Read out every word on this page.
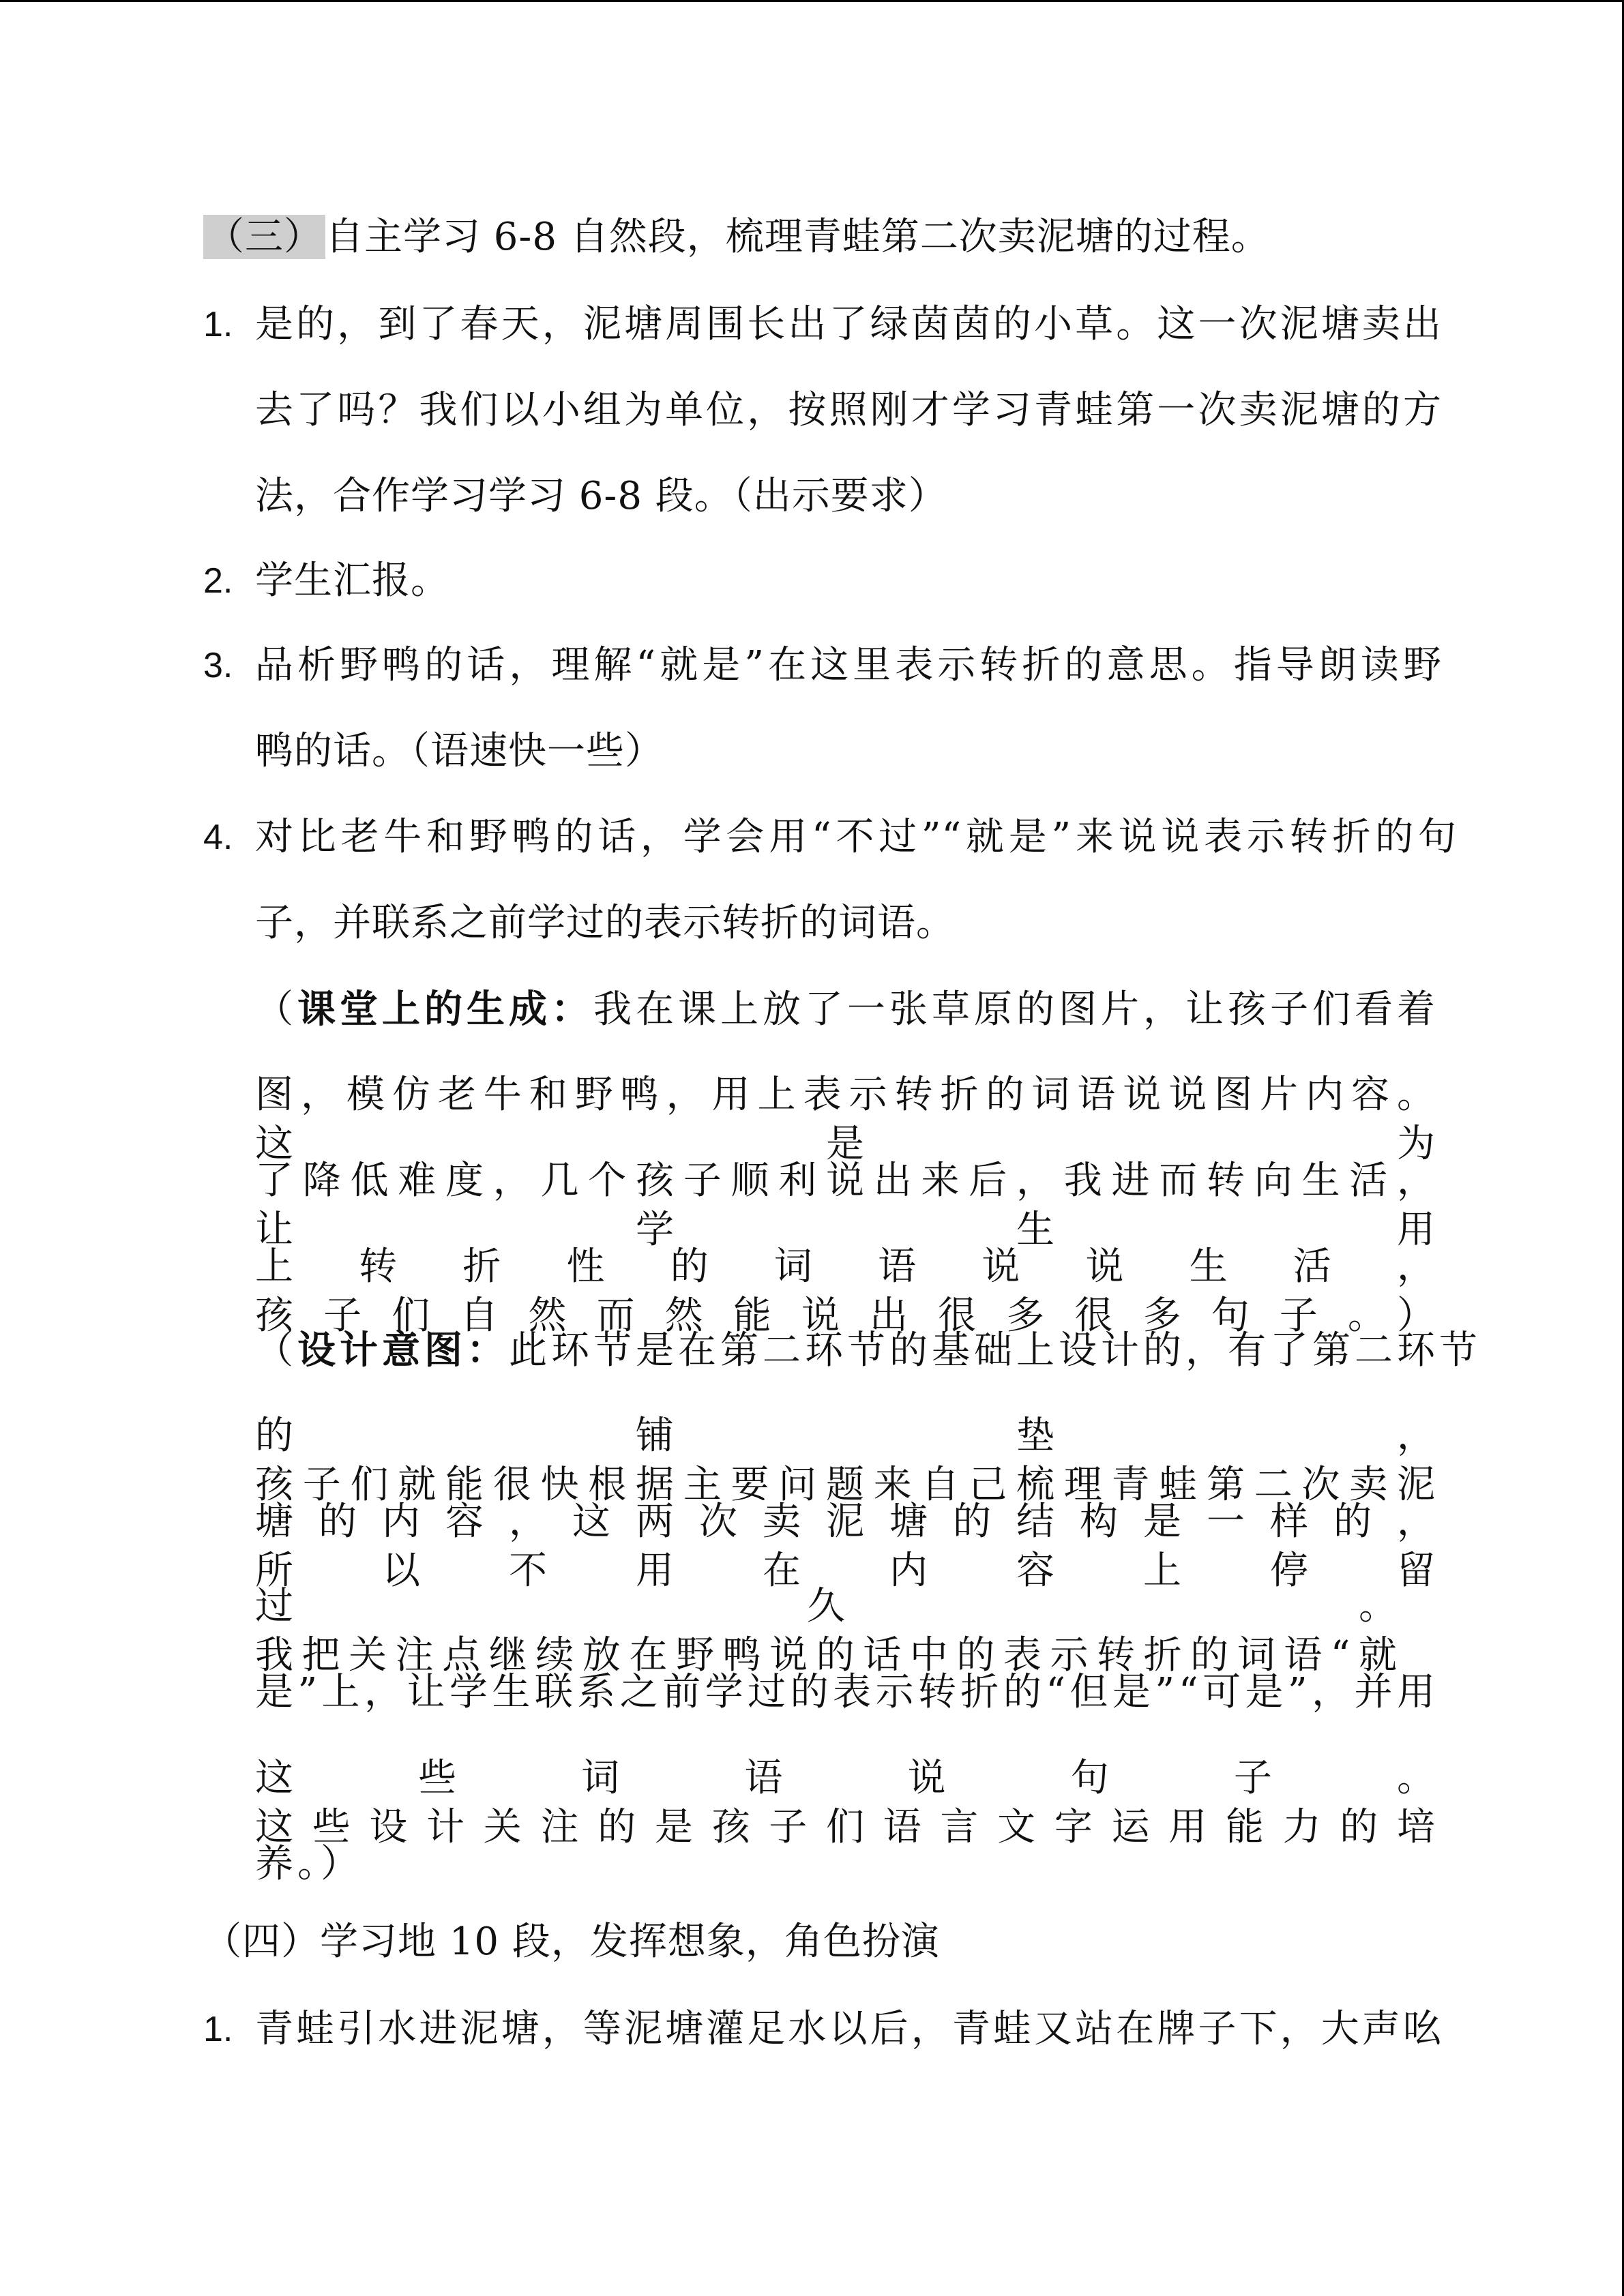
（三）自主学习 6-8 自然段，梳理青蛙第二次卖泥塘的过程。
1. 是的，到了春天，泥塘周围长出了绿茵茵的小草。这一次泥塘卖出
去了吗？我们以小组为单位，按照刚才学习青蛙第一次卖泥塘的方
法，合作学习学习 6-8 段。（出示要求）
2. 学生汇报。
3. 品析野鸭的话，理解“就是”在这里表示转折的意思。指导朗读野
鸭的话。（语速快一些）
4. 对比老牛和野鸭的话，学会用“不过”“就是”来说说表示转折的句
子，并联系之前学过的表示转折的词语。
（课堂上的生成：我在课上放了一张草原的图片，让孩子们看着
图，模仿老牛和野鸭，用上表示转折的词语说说图片内容。这是为
了降低难度，几个孩子顺利说出来后，我进而转向生活，让学生用
上转折性的词语说说生活，孩子们自然而然能说出很多很多句子。）
（设计意图：此环节是在第二环节的基础上设计的，有了第二环节
的铺垫，孩子们就能很快根据主要问题来自己梳理青蛙第二次卖泥
塘的内容，这两次卖泥塘的结构是一样的，所以不用在内容上停留
过久。我把关注点继续放在野鸭说的话中的表示转折的词语“就
是”上，让学生联系之前学过的表示转折的“但是”“可是”，并用
这些词语说句子。这些设计关注的是孩子们语言文字运用能力的培
养。）
（四）学习地 10 段，发挥想象，角色扮演
1. 青蛙引水进泥塘，等泥塘灌足水以后，青蛙又站在牌子下，大声吆
